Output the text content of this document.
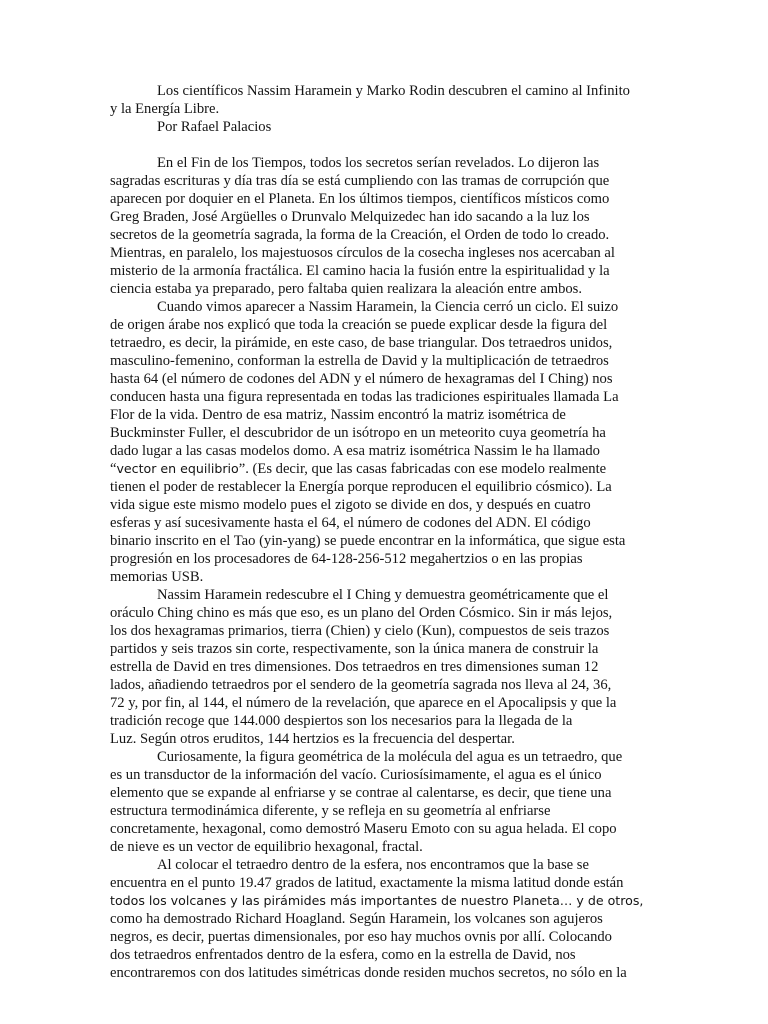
Los científicos Nassim Haramein y Marko Rodin descubren el camino al Infinito
y la Energía Libre.
Por Rafael Palacios
En el Fin de los Tiempos, todos los secretos serían revelados. Lo dijeron las
sagradas escrituras y día tras día se está cumpliendo con las tramas de corrupción que
aparecen por doquier en el Planeta. En los últimos tiempos, científicos místicos como
Greg Braden, José Argüelles o Drunvalo Melquizedec han ido sacando a la luz los
secretos de la geometría sagrada, la forma de la Creación, el Orden de todo lo creado.
Mientras, en paralelo, los majestuosos círculos de la cosecha ingleses nos acercaban al
misterio de la armonía fractálica. El camino hacia la fusión entre la espiritualidad y la
ciencia estaba ya preparado, pero faltaba quien realizara la aleación entre ambos.
Cuando vimos aparecer a Nassim Haramein, la Ciencia cerró un ciclo. El suizo
de origen árabe nos explicó que toda la creación se puede explicar desde la figura del
tetraedro, es decir, la pirámide, en este caso, de base triangular. Dos tetraedros unidos,
masculino-femenino, conforman la estrella de David y la multiplicación de tetraedros
hasta 64 (el número de codones del ADN y el número de hexagramas del I Ching) nos
conducen hasta una figura representada en todas las tradiciones espirituales llamada La
Flor de la vida. Dentro de esa matriz, Nassim encontró la matriz isométrica de
Buckminster Fuller, el descubridor de un isótropo en un meteorito cuya geometría ha
dado lugar a las casas modelos domo. A esa matriz isométrica Nassim le ha llamado
“vector en equilibrio”. (Es decir, que las casas fabricadas con ese modelo realmente
tienen el poder de restablecer la Energía porque reproducen el equilibrio cósmico). La
vida sigue este mismo modelo pues el zigoto se divide en dos, y después en cuatro
esferas y así sucesivamente hasta el 64, el número de codones del ADN. El código
binario inscrito en el Tao (yin-yang) se puede encontrar en la informática, que sigue esta
progresión en los procesadores de 64-128-256-512 megahertzios o en las propias
memorias USB.
Nassim Haramein redescubre el I Ching y demuestra geométricamente que el
oráculo Ching chino es más que eso, es un plano del Orden Cósmico. Sin ir más lejos,
los dos hexagramas primarios, tierra (Chien) y cielo (Kun), compuestos de seis trazos
partidos y seis trazos sin corte, respectivamente, son la única manera de construir la
estrella de David en tres dimensiones. Dos tetraedros en tres dimensiones suman 12
lados, añadiendo tetraedros por el sendero de la geometría sagrada nos lleva al 24, 36,
72 y, por fin, al 144, el número de la revelación, que aparece en el Apocalipsis y que la
tradición recoge que 144.000 despiertos son los necesarios para la llegada de la
Luz. Según otros eruditos, 144 hertzios es la frecuencia del despertar.
Curiosamente, la figura geométrica de la molécula del agua es un tetraedro, que
es un transductor de la información del vacío. Curiosísimamente, el agua es el único
elemento que se expande al enfriarse y se contrae al calentarse, es decir, que tiene una
estructura termodinámica diferente, y se refleja en su geometría al enfriarse
concretamente, hexagonal, como demostró Maseru Emoto con su agua helada. El copo
de nieve es un vector de equilibrio hexagonal, fractal.
Al colocar el tetraedro dentro de la esfera, nos encontramos que la base se
encuentra en el punto 19.47 grados de latitud, exactamente la misma latitud donde están
todos los volcanes y las pirámides más importantes de nuestro Planeta… y de otros,
como ha demostrado Richard Hoagland. Según Haramein, los volcanes son agujeros
negros, es decir, puertas dimensionales, por eso hay muchos ovnis por allí. Colocando
dos tetraedros enfrentados dentro de la esfera, como en la estrella de David, nos
encontraremos con dos latitudes simétricas donde residen muchos secretos, no sólo en la
